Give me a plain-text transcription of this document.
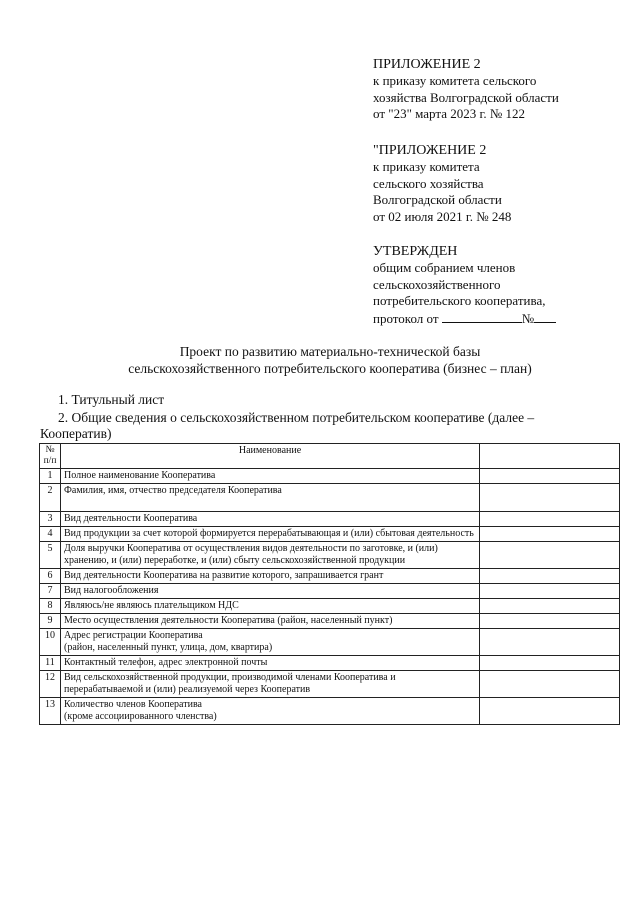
ПРИЛОЖЕНИЕ 2
к приказу комитета сельского
хозяйства Волгоградской области
от "23" марта 2023 г. № 122
"ПРИЛОЖЕНИЕ 2
к приказу комитета
сельского хозяйства
Волгоградской области
от 02 июля 2021 г. № 248
УТВЕРЖДЕН
общим собранием членов
сельскохозяйственного
потребительского кооператива,
протокол от	№
Проект по развитию материально-технической базы
сельскохозяйственного потребительского кооператива (бизнес – план)
1. Титульный лист
2. Общие сведения о сельскохозяйственном потребительском кооперативе (далее –
Кооператив)
№
п/п	Наименование	
1	Полное наименование Кооператива	
2	Фамилия, имя, отчество председателя Кооператива	
3	Вид деятельности Кооператива	
4	Вид продукции за счет которой формируется перерабатывающая и (или) сбытовая деятельность	
5	Доля выручки Кооператива от осуществления видов деятельности по заготовке, и (или) хранению, и (или) переработке, и (или) сбыту сельскохозяйственной продукции	
6	Вид деятельности Кооператива на развитие которого, запрашивается грант	
7	Вид налогообложения	
8	Являюсь/не являюсь плательщиком НДС	
9	Место осуществления деятельности Кооператива (район, населенный пункт)	
10	Адрес регистрации Кооператива
(район, населенный пункт, улица, дом, квартира)	

11	Контактный телефон, адрес электронной почты	
12	Вид сельскохозяйственной продукции, производимой членами Кооператива и перерабатываемой и (или) реализуемой через Кооператив	
13	Количество членов Кооператива
(кроме ассоциированного членства)	
